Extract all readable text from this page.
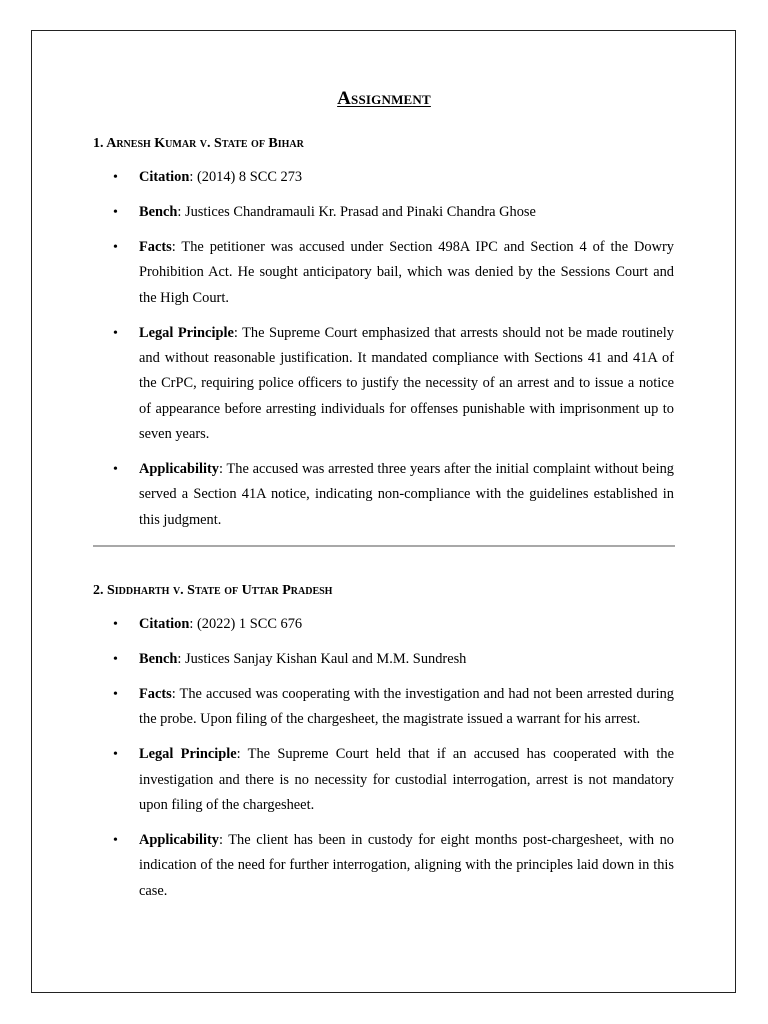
Assignment
1. Arnesh Kumar v. State of Bihar
• Citation: (2014) 8 SCC 273
• Bench: Justices Chandramauli Kr. Prasad and Pinaki Chandra Ghose
• Facts: The petitioner was accused under Section 498A IPC and Section 4 of the Dowry Prohibition Act. He sought anticipatory bail, which was denied by the Sessions Court and the High Court.
• Legal Principle: The Supreme Court emphasized that arrests should not be made routinely and without reasonable justification. It mandated compliance with Sections 41 and 41A of the CrPC, requiring police officers to justify the necessity of an arrest and to issue a notice of appearance before arresting individuals for offenses punishable with imprisonment up to seven years.
• Applicability: The accused was arrested three years after the initial complaint without being served a Section 41A notice, indicating non-compliance with the guidelines established in this judgment.
2. Siddharth v. State of Uttar Pradesh
• Citation: (2022) 1 SCC 676
• Bench: Justices Sanjay Kishan Kaul and M.M. Sundresh
• Facts: The accused was cooperating with the investigation and had not been arrested during the probe. Upon filing of the chargesheet, the magistrate issued a warrant for his arrest.
• Legal Principle: The Supreme Court held that if an accused has cooperated with the investigation and there is no necessity for custodial interrogation, arrest is not mandatory upon filing of the chargesheet.
• Applicability: The client has been in custody for eight months post-chargesheet, with no indication of the need for further interrogation, aligning with the principles laid down in this case.
